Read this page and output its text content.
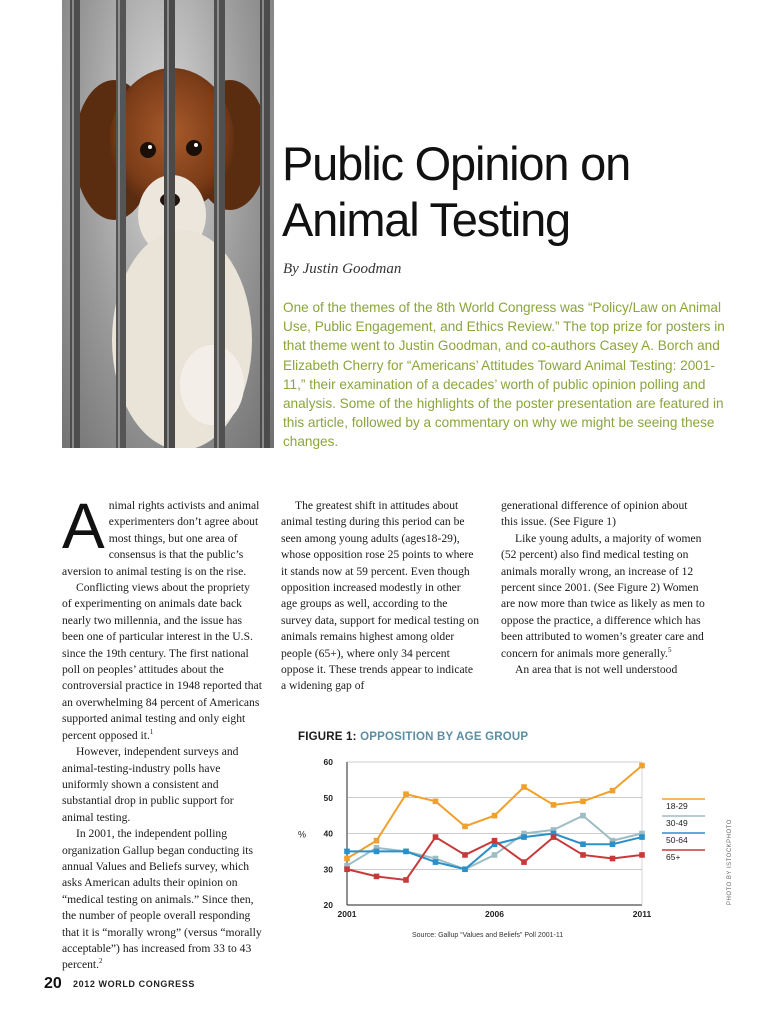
Public Opinion on
Animal Testing
By Justin Goodman

One of the themes of the 8th World Congress was “Policy/Law on Animal Use, Public Engagement, and Ethics Review.” The top prize for posters in that theme went to Justin Goodman, and co-authors Casey A. Borch and Elizabeth Cherry for “Americans’ Attitudes Toward Animal Testing: 2001-11,” their examination of a decades’ worth of public opinion polling and analysis. Some of the highlights of the poster presentation are featured in this article, followed by a commentary on why we might be seeing these changes.

A nimal rights activists and animal experimenters don’t agree about most things, but one area of consensus is that the public’s aversion to animal testing is on the rise.

Conflicting views about the propriety of experimenting on animals date back nearly two millennia, and the issue has been one of particular interest in the U.S. since the 19th century. The first national poll on peoples’ attitudes about the controversial practice in 1948 reported that an overwhelming 84 percent of Americans supported animal testing and only eight percent opposed it.$^1$

However, independent surveys and animal-testing-industry polls have uniformly shown a consistent and substantial drop in public support for animal testing.

In 2001, the independent polling organization Gallup began conducting its annual Values and Beliefs survey, which asks American adults their opinion on “medical testing on animals.” Since then, the number of people overall responding that it is “morally wrong” (versus “morally acceptable”) has increased from 33 to 43 percent.$^2$

The greatest shift in attitudes about animal testing during this period can be seen among young adults (ages18-29), whose opposition rose 25 points to where it stands now at 59 percent. Even though opposition increased modestly in other age groups as well, according to the survey data, support for medical testing on animals remains highest among older people (65+), where only 34 percent oppose it. These trends appear to indicate a widening gap of

generational difference of opinion about this issue. (See Figure 1)

Like young adults, a majority of women (52 percent) also find medical testing on animals morally wrong, an increase of 12 percent since 2001. (See Figure 2) Women are now more than twice as likely as men to oppose the practice, a difference which has been attributed to women’s greater care and concern for animals more generally.$^5$

An area that is not well understood

FIGURE 1: OPPOSITION BY AGE GROUP
20
30
40
50
60
%
2001	2006	2011
18-29
30-49
50-64
65+
Source: Gallup “Values and Beliefs” Poll 2001-11
PHOTO BY ISTOCKPHOTO
20 2012 WORLD CONGRESS
